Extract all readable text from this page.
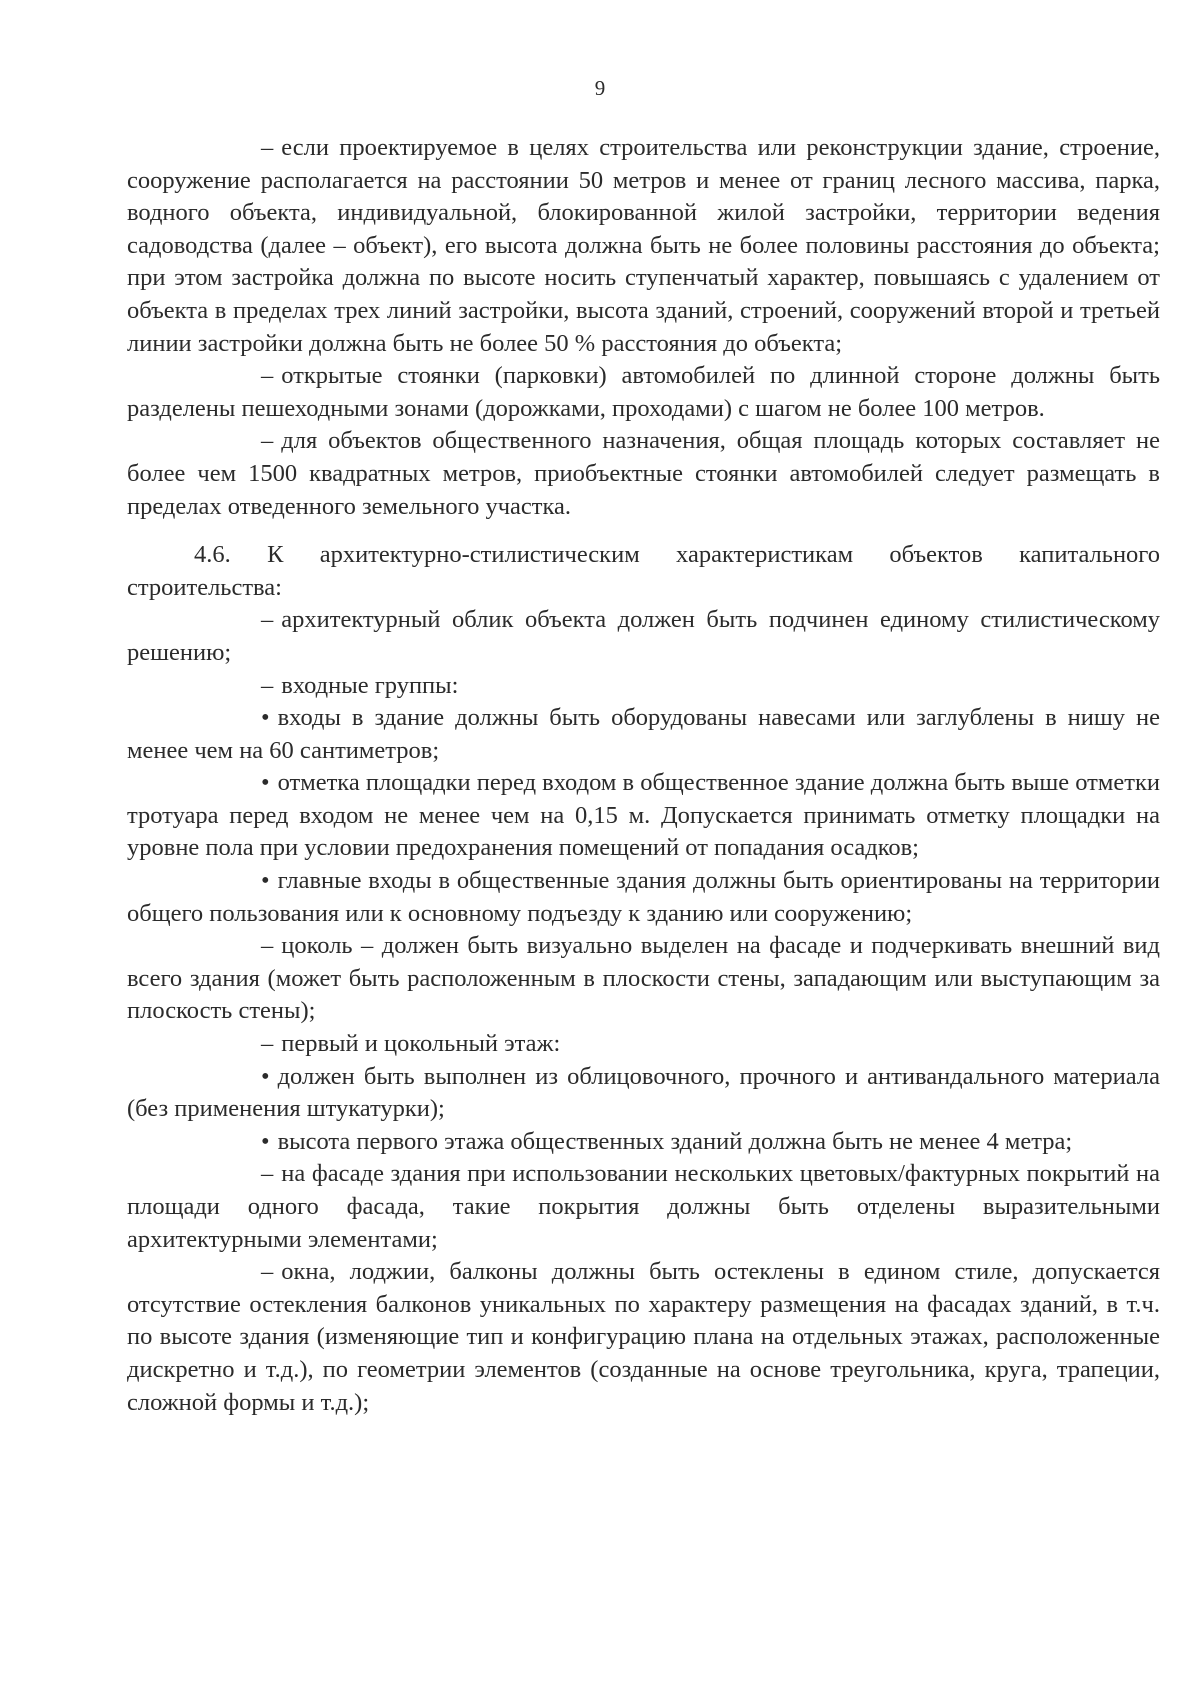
9

– если проектируемое в целях строительства или реконструкции здание, строение, сооружение располагается на расстоянии 50 метров и менее от границ лесного массива, парка, водного объекта, индивидуальной, блокированной жилой застройки, территории ведения садоводства (далее – объект), его высота должна быть не более половины расстояния до объекта; при этом застройка должна по высоте носить ступенчатый характер, повышаясь с удалением от объекта в пределах трех линий застройки, высота зданий, строений, сооружений второй и третьей линии застройки должна быть не более 50 % расстояния до объекта;

– открытые стоянки (парковки) автомобилей по длинной стороне должны быть разделены пешеходными зонами (дорожками, проходами) с шагом не более 100 метров.

– для объектов общественного назначения, общая площадь которых составляет не более чем 1500 квадратных метров, приобъектные стоянки автомобилей следует размещать в пределах отведенного земельного участка.

4.6. К архитектурно-стилистическим характеристикам объектов капитального строительства:

– архитектурный облик объекта должен быть подчинен единому стилистическому решению;

– входные группы:

• входы в здание должны быть оборудованы навесами или заглублены в нишу не менее чем на 60 сантиметров;

• отметка площадки перед входом в общественное здание должна быть выше отметки тротуара перед входом не менее чем на 0,15 м. Допускается принимать отметку площадки на уровне пола при условии предохранения помещений от попадания осадков;

• главные входы в общественные здания должны быть ориентированы на территории общего пользования или к основному подъезду к зданию или сооружению;

– цоколь – должен быть визуально выделен на фасаде и подчеркивать внешний вид всего здания (может быть расположенным в плоскости стены, западающим или выступающим за плоскость стены);

– первый и цокольный этаж:

• должен быть выполнен из облицовочного, прочного и антивандального материала (без применения штукатурки);

• высота первого этажа общественных зданий должна быть не менее 4 метра;

– на фасаде здания при использовании нескольких цветовых/фактурных покрытий на площади одного фасада, такие покрытия должны быть отделены выразительными архитектурными элементами;

– окна, лоджии, балконы должны быть остеклены в едином стиле, допускается отсутствие остекления балконов уникальных по характеру размещения на фасадах зданий, в т.ч. по высоте здания (изменяющие тип и конфигурацию плана на отдельных этажах, расположенные дискретно и т.д.), по геометрии элементов (созданные на основе треугольника, круга, трапеции, сложной формы и т.д.);
